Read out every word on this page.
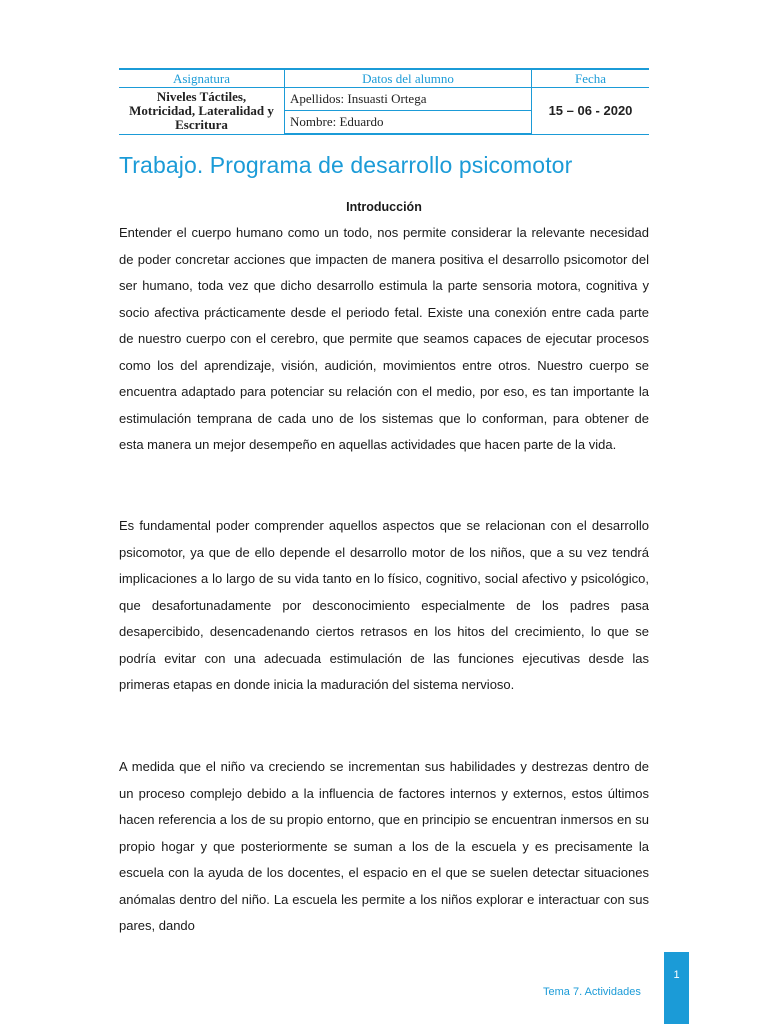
Asignatura	Datos del alumno	Fecha
Niveles Táctiles, Motricidad, Lateralidad y Escritura	Apellidos: Insuasti Ortega	15 – 06 - 2020
	Nombre: Eduardo	
Trabajo. Programa de desarrollo psicomotor
Introducción

Entender el cuerpo humano como un todo, nos permite considerar la relevante necesidad de poder concretar acciones que impacten de manera positiva el desarrollo psicomotor del ser humano, toda vez que dicho desarrollo estimula la parte sensoria motora, cognitiva y socio afectiva prácticamente desde el periodo fetal. Existe una conexión entre cada parte de nuestro cuerpo con el cerebro, que permite que seamos capaces de ejecutar procesos como los del aprendizaje, visión, audición, movimientos entre otros. Nuestro cuerpo se encuentra adaptado para potenciar su relación con el medio, por eso, es tan importante la estimulación temprana de cada uno de los sistemas que lo conforman, para obtener de esta manera un mejor desempeño en aquellas actividades que hacen parte de la vida.

Es fundamental poder comprender aquellos aspectos que se relacionan con el desarrollo psicomotor, ya que de ello depende el desarrollo motor de los niños, que a su vez tendrá implicaciones a lo largo de su vida tanto en lo físico, cognitivo, social afectivo y psicológico, que desafortunadamente por desconocimiento especialmente de los padres pasa desapercibido, desencadenando ciertos retrasos en los hitos del crecimiento, lo que se podría evitar con una adecuada estimulación de las funciones ejecutivas desde las primeras etapas en donde inicia la maduración del sistema nervioso.

A medida que el niño va creciendo se incrementan sus habilidades y destrezas dentro de un proceso complejo debido a la influencia de factores internos y externos, estos últimos hacen referencia a los de su propio entorno, que en principio se encuentran inmersos en su propio hogar y que posteriormente se suman a los de la escuela y es precisamente la escuela con la ayuda de los docentes, el espacio en el que se suelen detectar situaciones anómalas dentro del niño. La escuela les permite a los niños explorar e interactuar con sus pares, dando

1
Tema 7. Actividades
